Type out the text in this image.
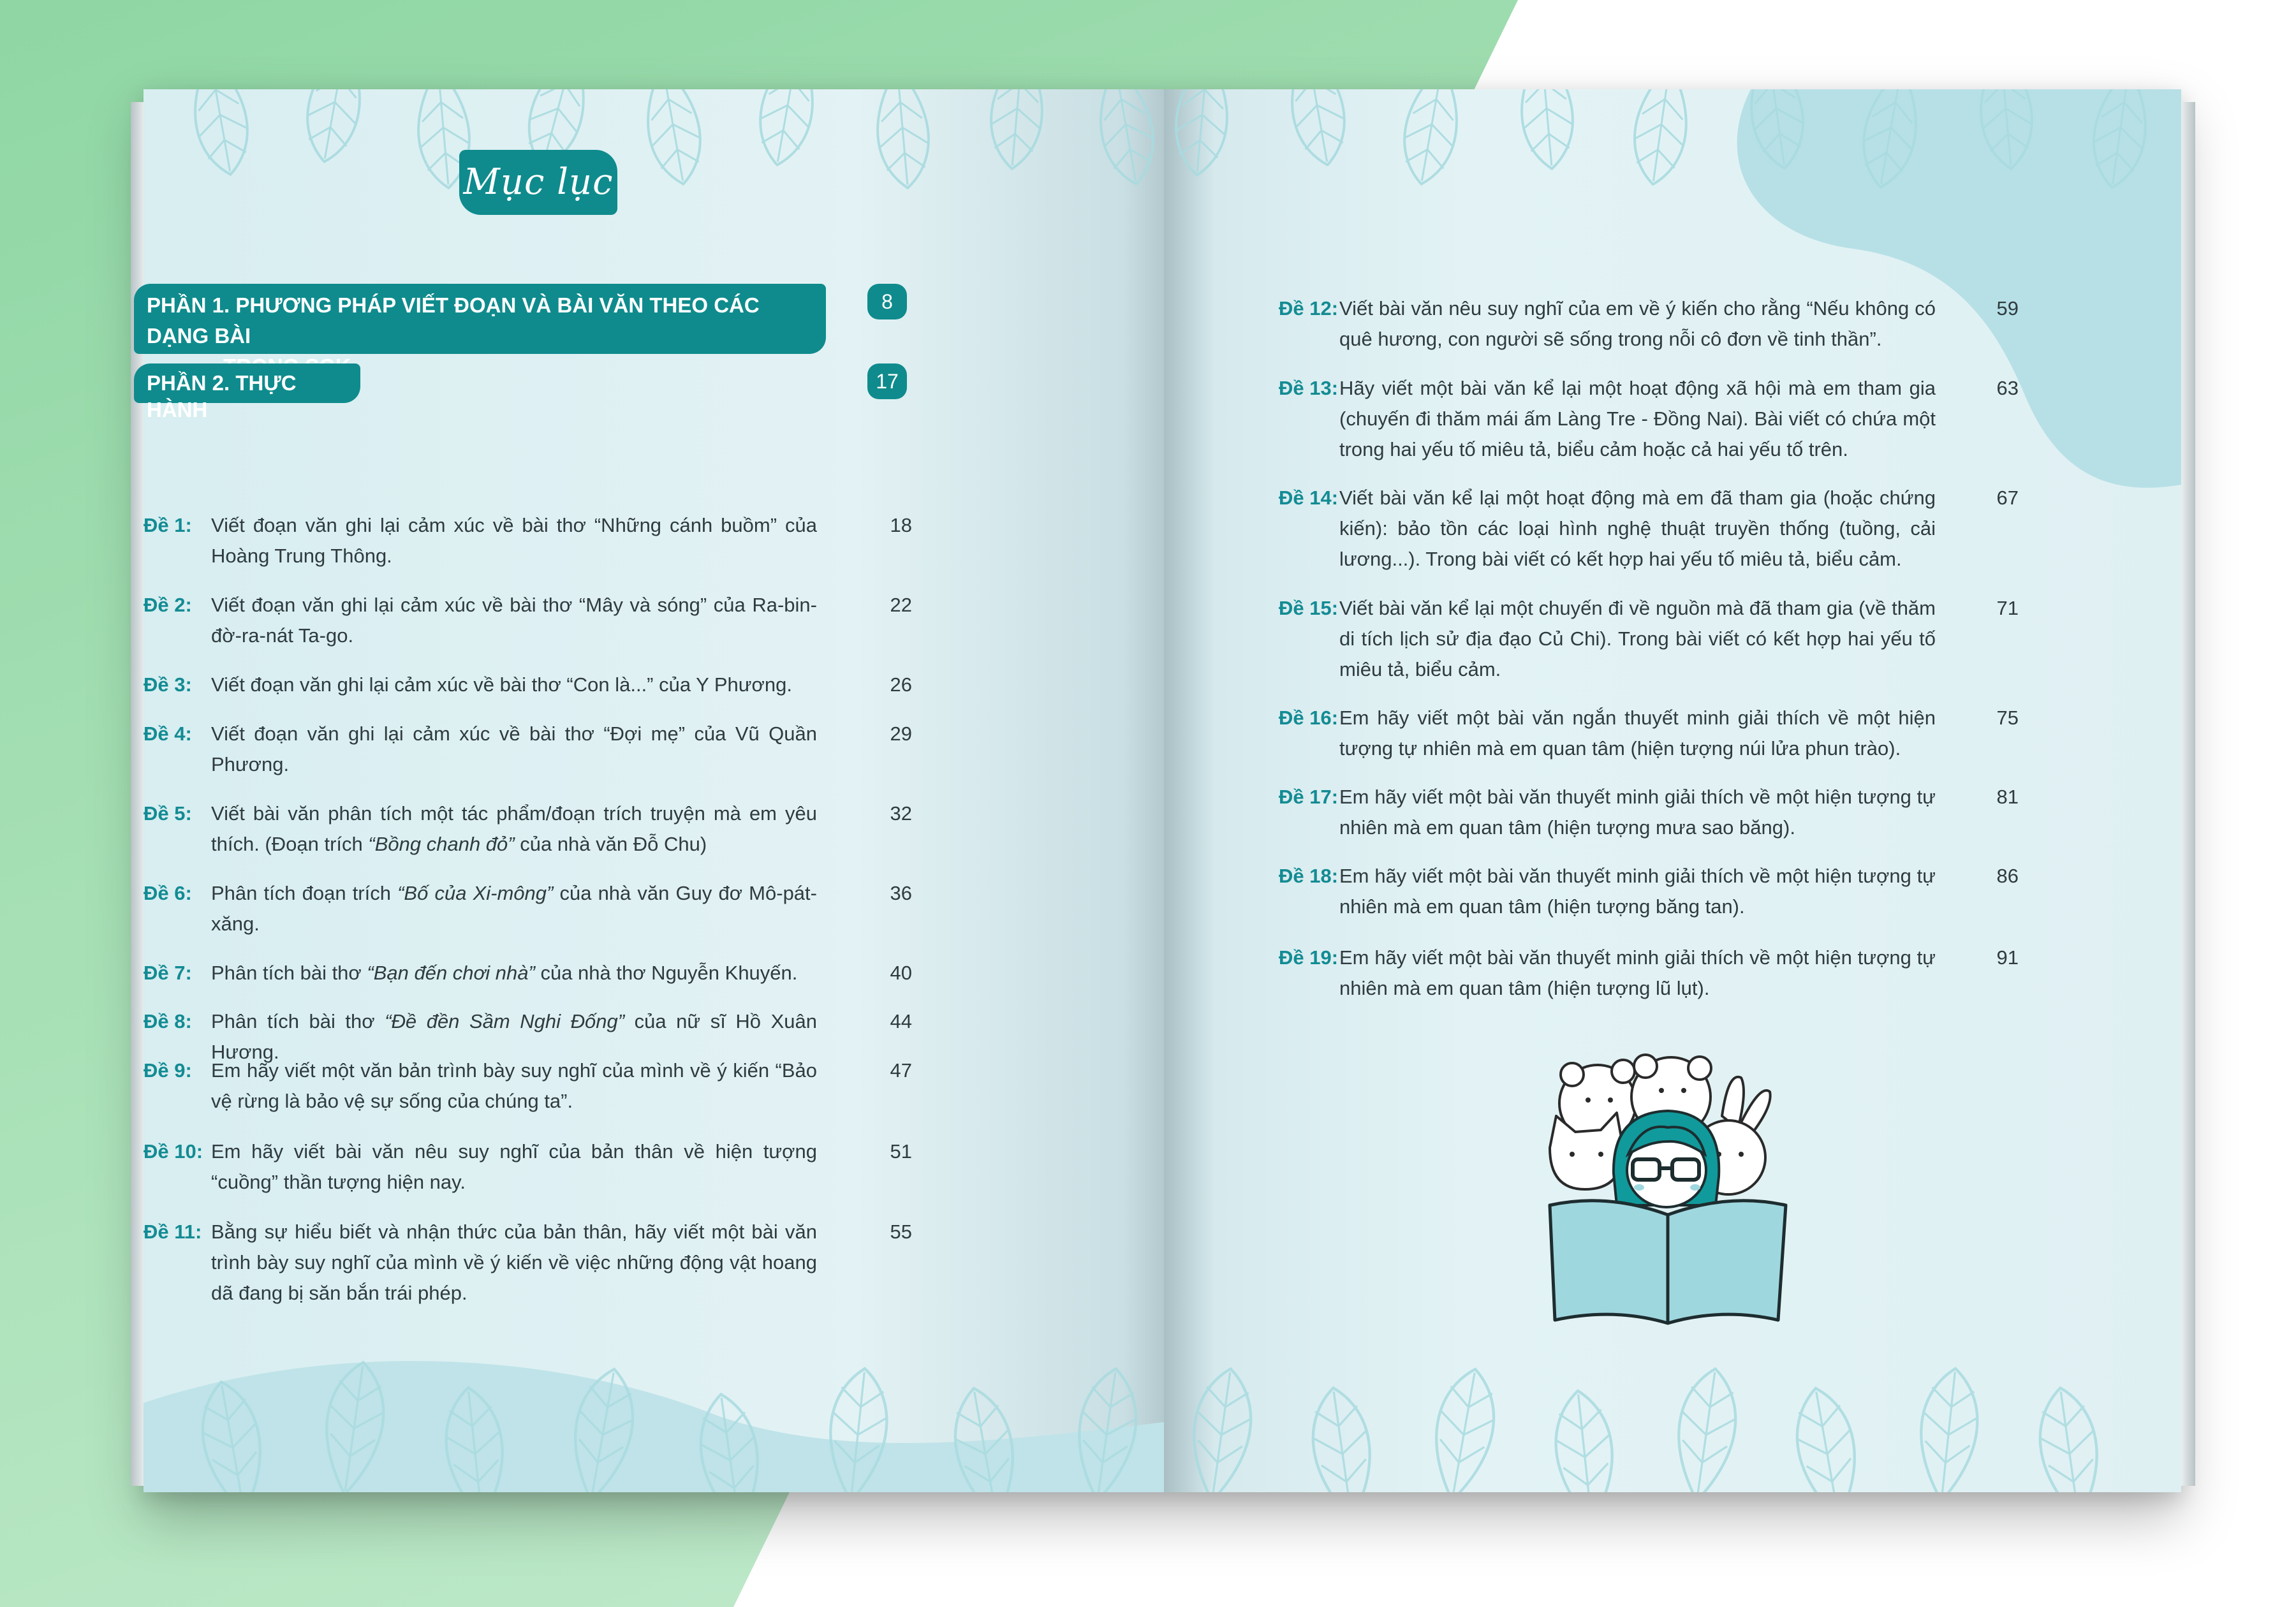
Mục lục
PHẦN 1. PHƯƠNG PHÁP VIẾT ĐOẠN VÀ BÀI VĂN THEO CÁC DẠNG BÀI
8
PHẦN 2. THỰC HÀNH
17
Đề 1: Viết đoạn văn ghi lại cảm xúc về bài thơ “Những cánh buồm” của Hoàng Trung Thông.
18
Đề 2: Viết đoạn văn ghi lại cảm xúc về bài thơ “Mây và sóng” của Ra-bin-đờ-ra-nát Ta-go.
22
Đề 3: Viết đoạn văn ghi lại cảm xúc về bài thơ “Con là...” của Y Phương.	26
Đề 4: Viết đoạn văn ghi lại cảm xúc về bài thơ “Đợi mẹ” của Vũ Quần Phương.
29
Đề 5: Viết bài văn phân tích một tác phẩm/đoạn trích truyện mà em yêu thích. (Đoạn trích “Bồng chanh đỏ” của nhà văn Đỗ Chu)
32
Đề 6: Phân tích đoạn trích “Bố của Xi-mông” của nhà văn Guy đơ Mô-pát-xăng.
36
Đề 7: Phân tích bài thơ “Bạn đến chơi nhà” của nhà thơ Nguyễn Khuyến.	40
Đề 8: Phân tích bài thơ “Đề đền Sầm Nghi Đống” của nữ sĩ Hồ Xuân Hương.
44
Đề 9: Em hãy viết một văn bản trình bày suy nghĩ của mình về ý kiến “Bảo vệ rừng là bảo vệ sự sống của chúng ta”.
47
Đề 10: Em hãy viết bài văn nêu suy nghĩ của bản thân về hiện tượng “cuồng” thần tượng hiện nay.
51
Đề 11: Bằng sự hiểu biết và nhận thức của bản thân, hãy viết một bài văn trình bày suy nghĩ của mình về ý kiến về việc những động vật hoang dã đang bị săn bắn trái phép.
55
Đề 12: Viết bài văn nêu suy nghĩ của em về ý kiến cho rằng “Nếu không có quê hương, con người sẽ sống trong nỗi cô đơn về tinh thần”.
59
Đề 13: Hãy viết một bài văn kể lại một hoạt động xã hội mà em tham gia (chuyến đi thăm mái ấm Làng Tre - Đồng Nai). Bài viết có chứa một trong hai yếu tố miêu tả, biểu cảm hoặc cả hai yếu tố trên.
63
Đề 14: Viết bài văn kể lại một hoạt động mà em đã tham gia (hoặc chứng kiến): bảo tồn các loại hình nghệ thuật truyền thống (tuồng, cải lương...). Trong bài viết có kết hợp hai yếu tố miêu tả, biểu cảm.
67
Đề 15: Viết bài văn kể lại một chuyến đi về nguồn mà đã tham gia (về thăm di tích lịch sử địa đạo Củ Chi). Trong bài viết có kết hợp hai yếu tố miêu tả, biểu cảm.
71
Đề 16: Em hãy viết một bài văn ngắn thuyết minh giải thích về một hiện tượng tự nhiên mà em quan tâm (hiện tượng núi lửa phun trào).
75
Đề 17: Em hãy viết một bài văn thuyết minh giải thích về một hiện tượng tự nhiên mà em quan tâm (hiện tượng mưa sao băng).
81
Đề 18: Em hãy viết một bài văn thuyết minh giải thích về một hiện tượng tự nhiên mà em quan tâm (hiện tượng băng tan).
86
Đề 19: Em hãy viết một bài văn thuyết minh giải thích về một hiện tượng tự nhiên mà em quan tâm (hiện tượng lũ lụt).
91
